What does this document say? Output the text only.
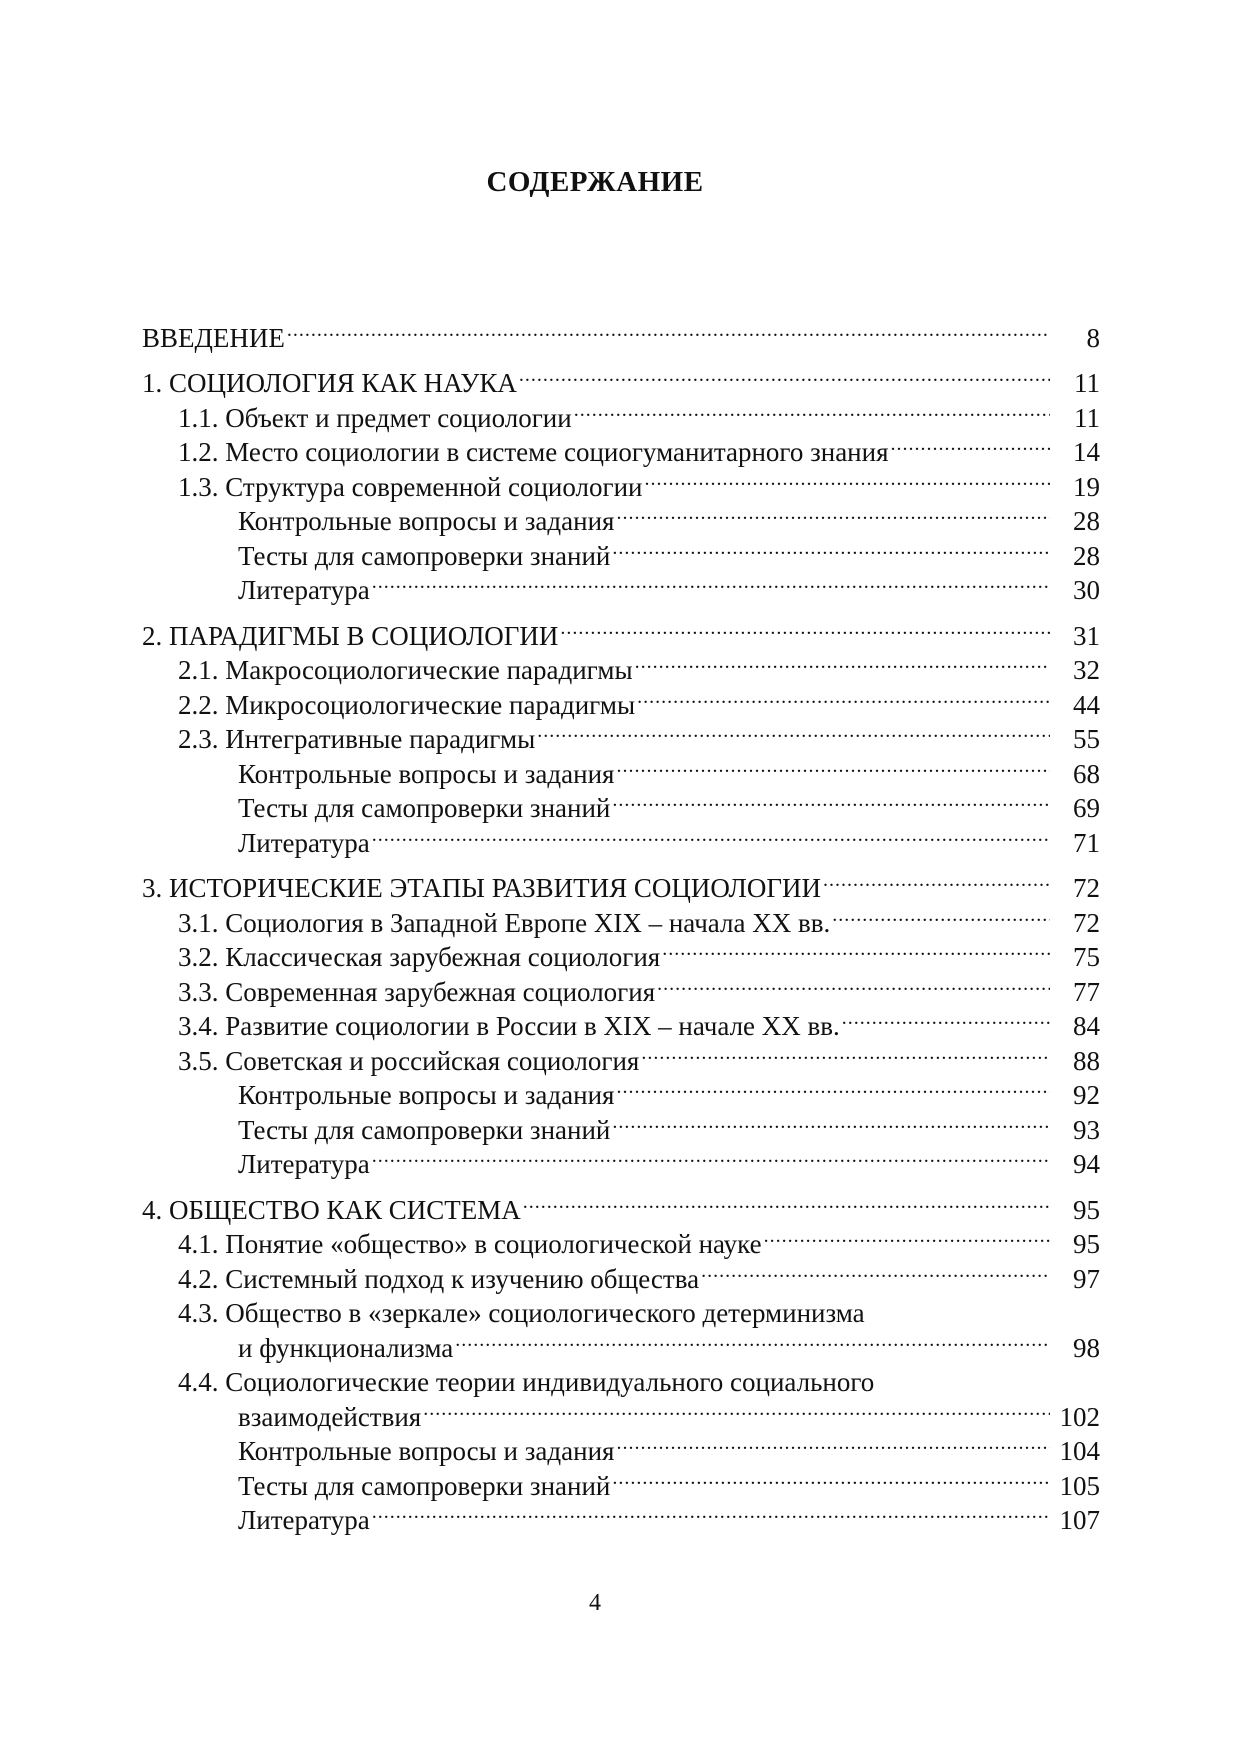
СОДЕРЖАНИЕ
ВВЕДЕНИЕ .....	8
1. СОЦИОЛОГИЯ КАК НАУКА .....	11
1.1. Объект и предмет социологии .....	11
1.2. Место социологии в системе социогуманитарного знания .....	14
1.3. Структура современной социологии .....	19
Контрольные вопросы и задания .....	28
Тесты для самопроверки знаний .....	28
Литература .....	30
2. ПАРАДИГМЫ В СОЦИОЛОГИИ .....	31
2.1. Макросоциологические парадигмы .....	32
2.2. Микросоциологические парадигмы .....	44
2.3. Интегративные парадигмы .....	55
Контрольные вопросы и задания .....	68
Тесты для самопроверки знаний .....	69
Литература .....	71
3. ИСТОРИЧЕСКИЕ ЭТАПЫ РАЗВИТИЯ СОЦИОЛОГИИ .....	72
3.1. Социология в Западной Европе XIX – начала XX вв. .....	72
3.2. Классическая зарубежная социология .....	75
3.3. Современная зарубежная социология .....	77
3.4. Развитие социологии в России в XIX – начале XX вв. .....	84
3.5. Советская и российская социология .....	88
Контрольные вопросы и задания .....	92
Тесты для самопроверки знаний .....	93
Литература .....	94
4. ОБЩЕСТВО КАК СИСТЕМА .....	95
4.1. Понятие «общество» в социологической науке .....	95
4.2. Системный подход к изучению общества .....	97
4.3. Общество в «зеркале» социологического детерминизма
и функционализма .....	98
4.4. Социологические теории индивидуального социального
взаимодействия .....	102
Контрольные вопросы и задания .....	104
Тесты для самопроверки знаний .....	105
Литература .....	107
4
